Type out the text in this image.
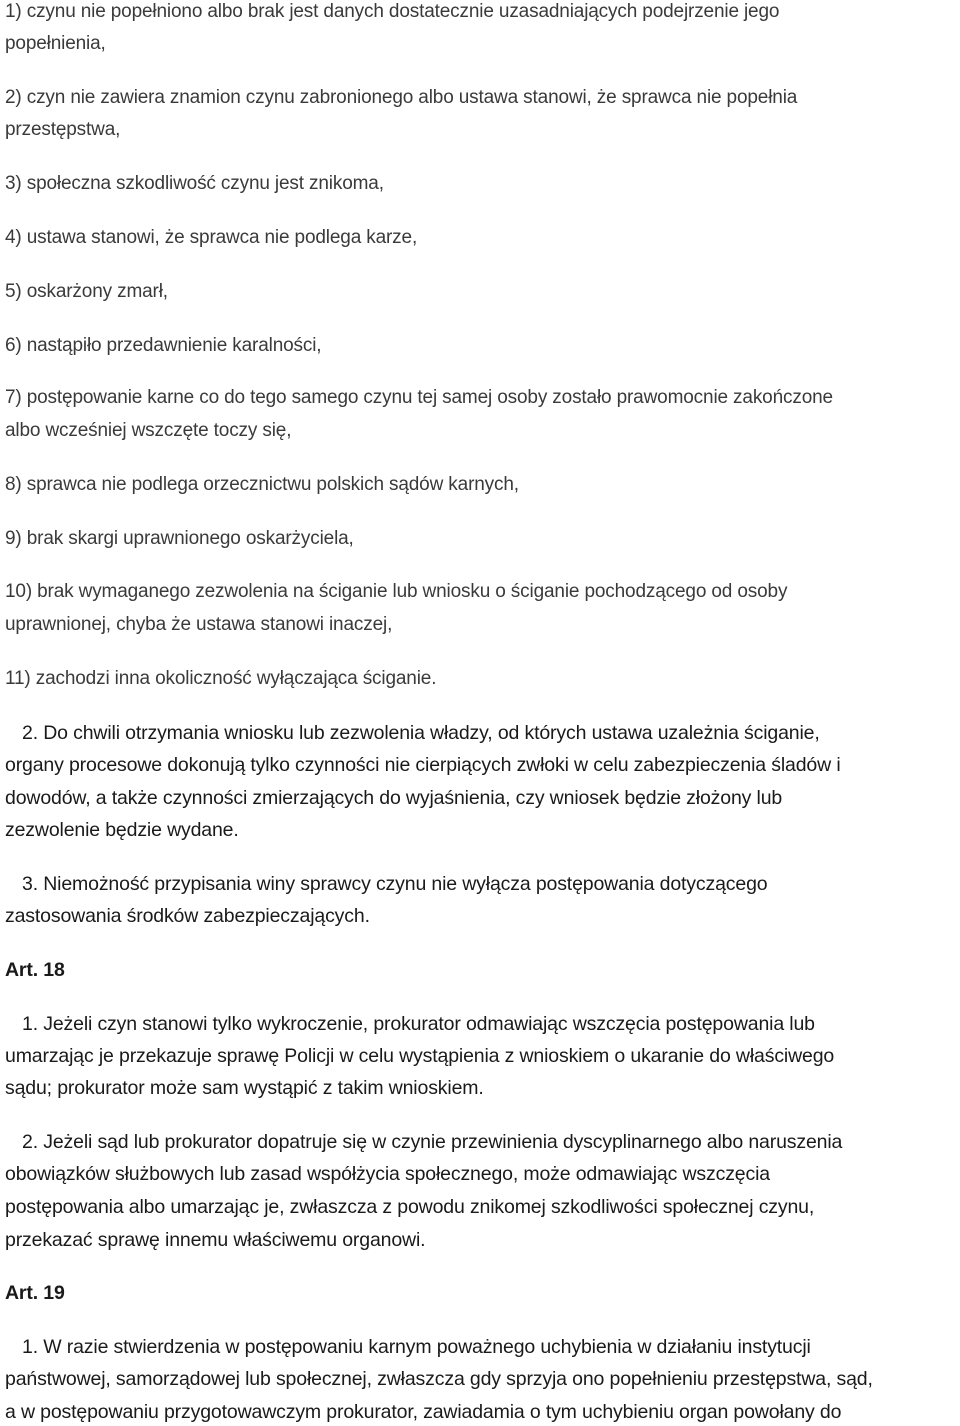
1) czynu nie popełniono albo brak jest danych dostatecznie uzasadniających podejrzenie jego
popełnienia,
2) czyn nie zawiera znamion czynu zabronionego albo ustawa stanowi, że sprawca nie popełnia
przestępstwa,
3) społeczna szkodliwość czynu jest znikoma,
4) ustawa stanowi, że sprawca nie podlega karze,
5) oskarżony zmarł,
6) nastąpiło przedawnienie karalności,
7) postępowanie karne co do tego samego czynu tej samej osoby zostało prawomocnie zakończone
albo wcześniej wszczęte toczy się,
8) sprawca nie podlega orzecznictwu polskich sądów karnych,
9) brak skargi uprawnionego oskarżyciela,
10) brak wymaganego zezwolenia na ściganie lub wniosku o ściganie pochodzącego od osoby
uprawnionej, chyba że ustawa stanowi inaczej,
11) zachodzi inna okoliczność wyłączająca ściganie.
2. Do chwili otrzymania wniosku lub zezwolenia władzy, od których ustawa uzależnia ściganie,
organy procesowe dokonują tylko czynności nie cierpiących zwłoki w celu zabezpieczenia śladów i
dowodów, a także czynności zmierzających do wyjaśnienia, czy wniosek będzie złożony lub
zezwolenie będzie wydane.
3. Niemożność przypisania winy sprawcy czynu nie wyłącza postępowania dotyczącego
zastosowania środków zabezpieczających.
Art. 18
1. Jeżeli czyn stanowi tylko wykroczenie, prokurator odmawiając wszczęcia postępowania lub
umarzając je przekazuje sprawę Policji w celu wystąpienia z wnioskiem o ukaranie do właściwego
sądu; prokurator może sam wystąpić z takim wnioskiem.
2. Jeżeli sąd lub prokurator dopatruje się w czynie przewinienia dyscyplinarnego albo naruszenia
obowiązków służbowych lub zasad współżycia społecznego, może odmawiając wszczęcia
postępowania albo umarzając je, zwłaszcza z powodu znikomej szkodliwości społecznej czynu,
przekazać sprawę innemu właściwemu organowi.
Art. 19
1. W razie stwierdzenia w postępowaniu karnym poważnego uchybienia w działaniu instytucji
państwowej, samorządowej lub społecznej, zwłaszcza gdy sprzyja ono popełnieniu przestępstwa, sąd,
a w postępowaniu przygotowawczym prokurator, zawiadamia o tym uchybieniu organ powołany do
